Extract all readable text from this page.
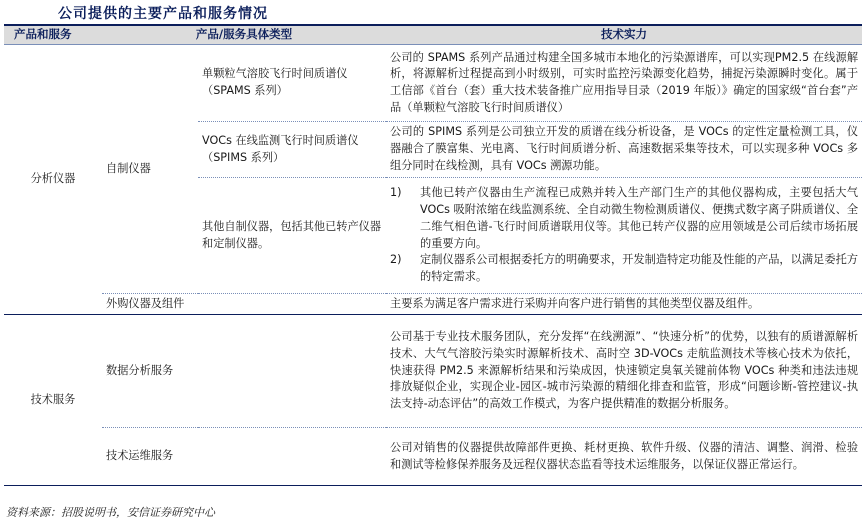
公司提供的主要产品和服务情况
产品和服务	产品/服务具体类型		技术实力
分析仪器	自制仪器	单颗粒气溶胶飞行时间质谱仪（SPAMS 系列）	公司的 SPAMS 系列产品通过构建全国多城市本地化的污染源谱库，可以实现PM2.5 在线源解析，将源解析过程提高到小时级别，可实时监控污染源变化趋势，捕捉污染源瞬时变化。属于工信部《首台（套）重大技术装备推广应用指导目录（2019 年版）》确定的国家级“首台套”产品（单颗粒气溶胶飞行时间质谱仪）
		VOCs 在线监测飞行时间质谱仪（SPIMS 系列）	公司的 SPIMS 系列是公司独立开发的质谱在线分析设备，是 VOCs 的定性定量检测工具，仪器融合了膜富集、光电离、飞行时间质谱分析、高速数据采集等技术，可以实现多种 VOCs 多组分同时在线检测，具有 VOCs 溯源功能。
		其他自制仪器，包括其他已转产仪器和定制仪器。	1) 其他已转产仪器由生产流程已成熟并转入生产部门生产的其他仪器构成，主要包括大气 VOCs 吸附浓缩在线监测系统、全自动微生物检测质谱仪、便携式数字离子阱质谱仪、全二维气相色谱-飞行时间质谱联用仪等。其他已转产仪器的应用领域是公司后续市场拓展的重要方向。
2) 定制仪器系公司根据委托方的明确要求，开发制造特定功能及性能的产品，以满足委托方的特定需求。

	外购仪器及组件		主要系为满足客户需求进行采购并向客户进行销售的其他类型仪器及组件。
技术服务	数据分析服务		公司基于专业技术服务团队，充分发挥“在线溯源”、“快速分析”的优势，以独有的质谱源解析技术、大气气溶胶污染实时源解析技术、高时空 3D-VOCs 走航监测技术等核心技术为依托，快速获得 PM2.5 来源解析结果和污染成因，快速锁定臭氧关键前体物 VOCs 种类和违法违规排放疑似企业，实现企业-园区-城市污染源的精细化排查和监管，形成“问题诊断-管控建议-执法支持-动态评估”的高效工作模式，为客户提供精准的数据分析服务。
	技术运维服务		公司对销售的仪器提供故障部件更换、耗材更换、软件升级、仪器的清洁、调整、润滑、检验和测试等检修保养服务及远程仪器状态监看等技术运维服务，以保证仪器正常运行。
资料来源：招股说明书，安信证券研究中心
